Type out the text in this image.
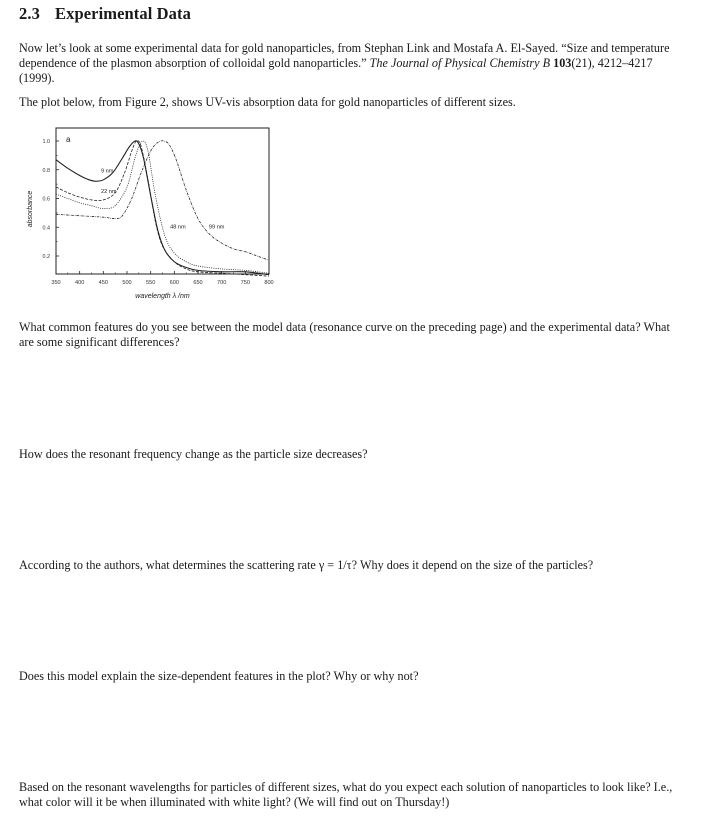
2.3 Experimental Data
Now let’s look at some experimental data for gold nanoparticles, from Stephan Link and Mostafa A. El-Sayed. “Size and temperature dependence of the plasmon absorption of colloidal gold nanoparticles.” The Journal of Physical Chemistry B 103(21), 4212–4217 (1999).
The plot below, from Figure 2, shows UV-vis absorption data for gold nanoparticles of different sizes.
350	400	450	500	550	600	650	700	750	800
0.2
0.4
0.6
0.8
1.0
wavelength λ /nm
absorbance
a
9 nm
22 nm
48 nm	99 nm
What common features do you see between the model data (resonance curve on the preceding page) and the experimental data? What are some significant differences?
How does the resonant frequency change as the particle size decreases?
According to the authors, what determines the scattering rate γ = 1/τ? Why does it depend on the size of the particles?
Does this model explain the size-dependent features in the plot? Why or why not?
Based on the resonant wavelengths for particles of different sizes, what do you expect each solution of nanoparticles to look like? I.e., what color will it be when illuminated with white light? (We will find out on Thursday!)
